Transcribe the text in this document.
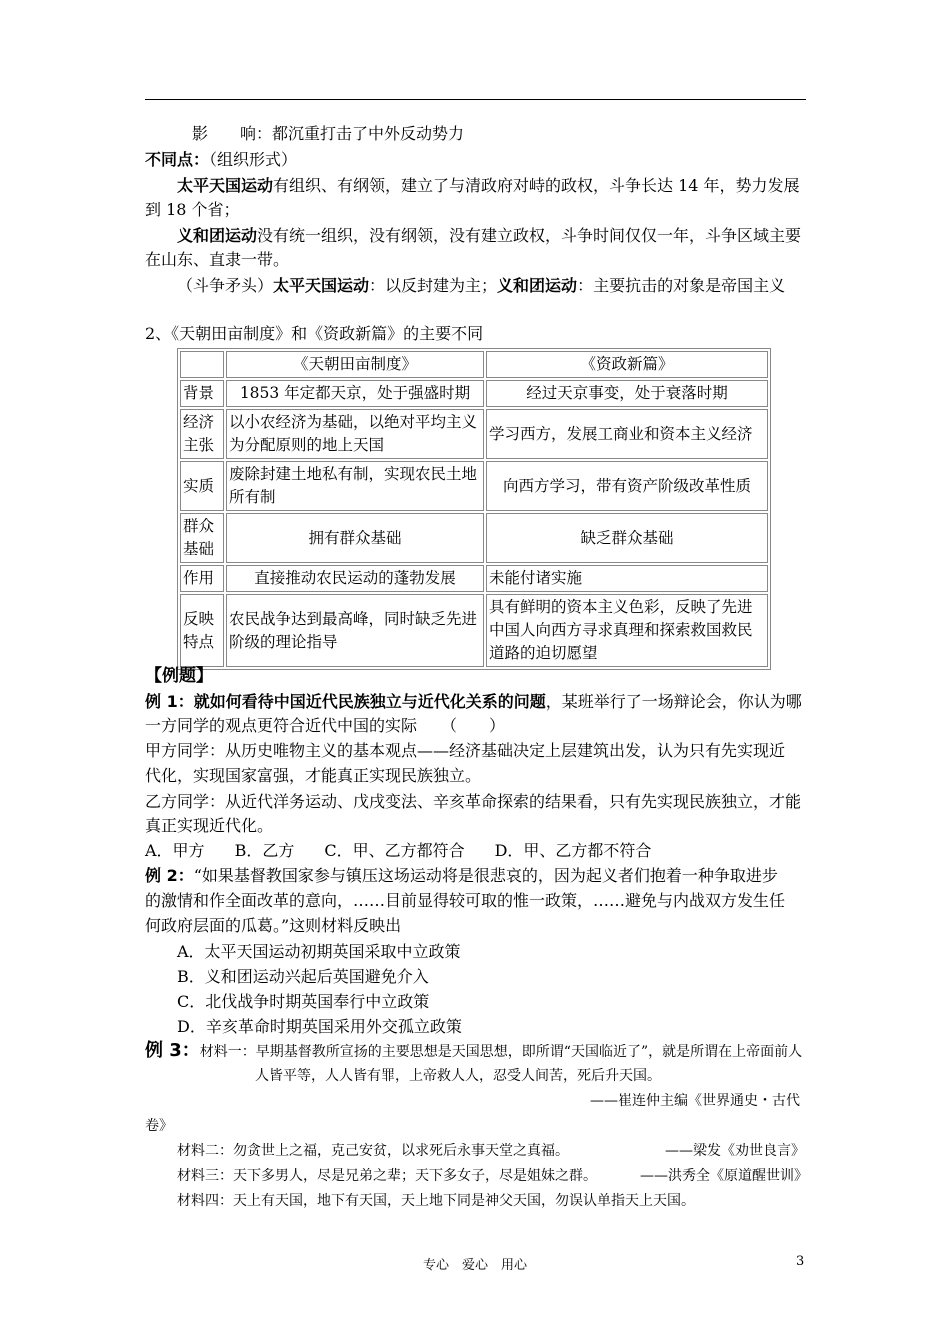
影　　响：都沉重打击了中外反动势力
不同点：（组织形式）
太平天国运动有组织、有纲领，建立了与清政府对峙的政权，斗争长达 14 年，势力发展
到 18 个省；
义和团运动没有统一组织，没有纲领，没有建立政权，斗争时间仅仅一年，斗争区域主要
在山东、直隶一带。
（斗争矛头）太平天国运动：以反封建为主；义和团运动：主要抗击的对象是帝国主义
2、《天朝田亩制度》和《资政新篇》的主要不同
	《天朝田亩制度》	《资政新篇》
背景	1853 年定都天京，处于强盛时期	经过天京事变，处于衰落时期
经济主张	以小农经济为基础，以绝对平均主义为分配原则的地上天国	学习西方，发展工商业和资本主义经济
实质	废除封建土地私有制，实现农民土地所有制	向西方学习，带有资产阶级改革性质
群众基础	拥有群众基础	缺乏群众基础
作用	直接推动农民运动的蓬勃发展	未能付诸实施
反映特点	农民战争达到最高峰，同时缺乏先进阶级的理论指导	具有鲜明的资本主义色彩，反映了先进中国人向西方寻求真理和探索救国救民道路的迫切愿望
【例题】
例 1：就如何看待中国近代民族独立与近代化关系的问题，某班举行了一场辩论会，你认为哪
一方同学的观点更符合近代中国的实际　　（　　）
甲方同学：从历史唯物主义的基本观点——经济基础决定上层建筑出发，认为只有先实现近
代化，实现国家富强，才能真正实现民族独立。
乙方同学：从近代洋务运动、戊戌变法、辛亥革命探索的结果看，只有先实现民族独立，才能
真正实现近代化。
A．甲方 B．乙方 C．甲、乙方都符合 D．甲、乙方都不符合
例 2：“如果基督教国家参与镇压这场运动将是很悲哀的，因为起义者们抱着一种争取进步
的激情和作全面改革的意向，……目前显得较可取的惟一政策，……避免与内战双方发生任
何政府层面的瓜葛。”这则材料反映出
A．太平天国运动初期英国采取中立政策
B．义和团运动兴起后英国避免介入
C．北伐战争时期英国奉行中立政策
D．辛亥革命时期英国采用外交孤立政策
例 3：材料一：早期基督教所宣扬的主要思想是天国思想，即所谓“天国临近了”，就是所谓在上帝面前人
人皆平等，人人皆有罪，上帝救人人，忍受人间苦，死后升天国。
——崔连仲主编《世界通史・古代
卷》
材料二：勿贪世上之福，克己安贫，以求死后永事天堂之真福。	——梁发《劝世良言》
材料三：天下多男人，尽是兄弟之辈；天下多女子，尽是姐妹之群。	——洪秀全《原道醒世训》
材料四：天上有天国，地下有天国，天上地下同是神父天国，勿误认单指天上天国。
专心　爱心　用心	3
